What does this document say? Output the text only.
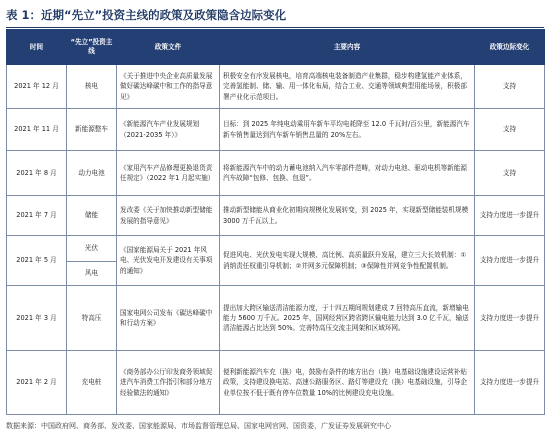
表 1：近期“先立”投资主线的政策及政策隐含边际变化
时间	“先立”投资主线	政策文件	主要内容	政策边际变化
2021 年 12 月	核电	《关于推进中央企业高质量发展做好碳达峰碳中和工作的指导意见》	积极安全有序发展核电，培育高端核电装备制造产业集群，稳步构建氢能产业体系，完善氢能制、储、输、用一体化布局，结合工业、交通等领域典型用能场景，积极部署产业化示范项目。	支持
2021 年 11 月	新能源整车	《新能源汽车产业发展规划（2021-2035 年）》	目标：到 2025 年纯电动乘用车新车平均电耗降至 12.0 千瓦时/百公里，新能源汽车新车销售量达到汽车新车销售总量的 20%左右。	支持
2021 年 8 月	动力电池	《家用汽车产品修理更换退货责任规定》（2022 年1 月起实施）	将新能源汽车中的动力蓄电池纳入汽车零部件范畴，对动力电池、驱动电机等新能源汽车故障“包修、包换、包退”。	支持
2021 年 7 月	储能	发改委《关于加快推动新型储能发展的指导意见》	推动新型储能从商业化初期向规模化发展转变，到 2025 年，实现新型储能装机规模 3000 万千瓦以上。	支持力度进一步提升
2021 年 5 月	光伏	《国家能源局关于 2021 年风电、光伏发电开发建设有关事项的通知》	促进风电、光伏发电实现大规模、高比例、高质量跃升发展，建立三大长效机制：①消纳责任权重引导机制；②并网多元保障机制；③保障性并网竞争性配置机制。	支持力度进一步提升
	风电			
2021 年 3 月	特高压	国家电网公司发布《碳达峰碳中和行动方案》	提出加大跨区输送清洁能源力度，于十四五期间规划建成 7 回特高压直流，新增输电能力 5600 万千瓦。2025 年，国网经营区跨省跨区输电能力达到 3.0 亿千瓦，输送清洁能源占比达到 50%。完善特高压交流主网架和区域环网。	支持力度进一步提升
2021 年 2 月	充电桩	《商务部办公厅印发商务领域促进汽车消费工作指引和部分地方经验做法的通知》	便利新能源汽车充（换）电，鼓励有条件的地方出台（换）电基础设施建设运营补贴政策，支持建设换电站、高速公路服务区、路灯等建设充（换）电基础设施，引导企业单位按不低于既有停车位数量 10%的比例建设充电设施。	支持力度进一步提升
数据来源：中国政府网、商务部、发改委、国家能源局、市场监督管理总局、国家电网官网、国资委，广发证券发展研究中心
